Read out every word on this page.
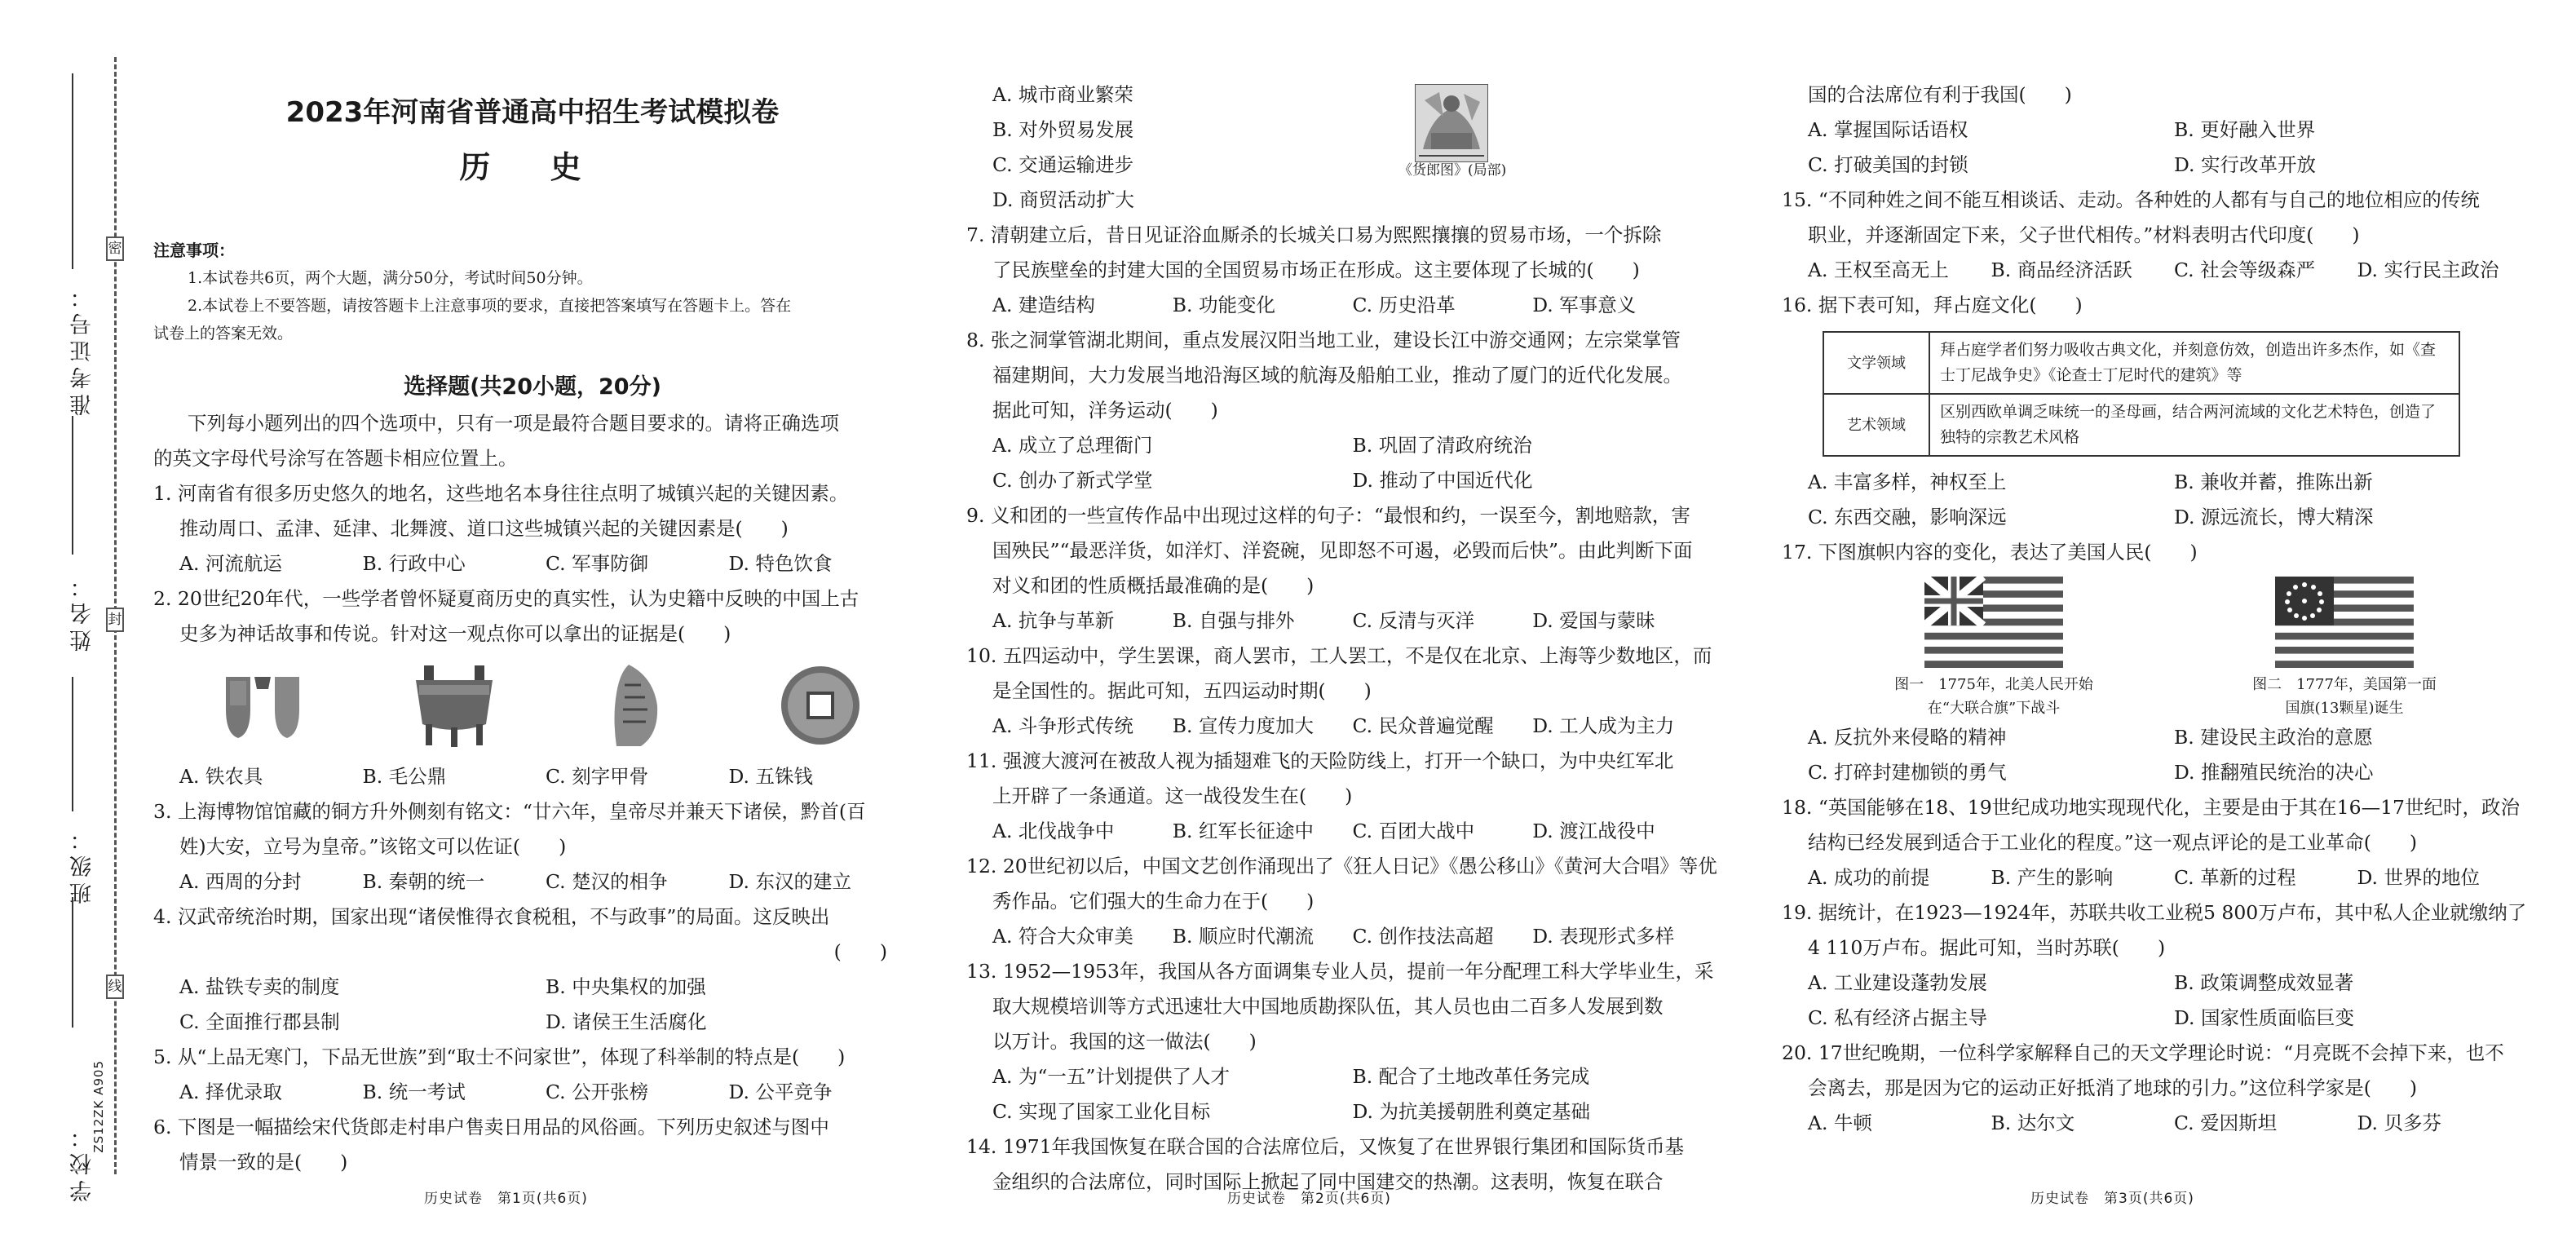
密
封
线
准考证号：
姓名：
班级：
学校：
ZS12ZK A905
2023年河南省普通高中招生考试模拟卷
历 史
注意事项：
1.本试卷共6页，两个大题，满分50分，考试时间50分钟。
2.本试卷上不要答题，请按答题卡上注意事项的要求，直接把答案填写在答题卡上。答在
试卷上的答案无效。
选择题(共20小题，20分)
下列每小题列出的四个选项中，只有一项是最符合题目要求的。请将正确选项
的英文字母代号涂写在答题卡相应位置上。
1. 河南省有很多历史悠久的地名，这些地名本身往往点明了城镇兴起的关键因素。
推动周口、孟津、延津、北舞渡、道口这些城镇兴起的关键因素是(　　)
A. 河流航运	B. 行政中心	C. 军事防御	D. 特色饮食
2. 20世纪20年代，一些学者曾怀疑夏商历史的真实性，认为史籍中反映的中国上古
史多为神话故事和传说。针对这一观点你可以拿出的证据是(　　)
A. 铁农具	B. 毛公鼎	C. 刻字甲骨	D. 五铢钱
3. 上海博物馆馆藏的铜方升外侧刻有铭文：“廿六年，皇帝尽并兼天下诸侯，黔首(百
姓)大安，立号为皇帝。”该铭文可以佐证(　　)
A. 西周的分封	B. 秦朝的统一	C. 楚汉的相争	D. 东汉的建立
4. 汉武帝统治时期，国家出现“诸侯惟得衣食税租，不与政事”的局面。这反映出
(　　)
A. 盐铁专卖的制度	B. 中央集权的加强
C. 全面推行郡县制	D. 诸侯王生活腐化
5. 从“上品无寒门，下品无世族”到“取士不问家世”，体现了科举制的特点是(　　)
A. 择优录取	B. 统一考试	C. 公开张榜	D. 公平竞争
6. 下图是一幅描绘宋代货郎走村串户售卖日用品的风俗画。下列历史叙述与图中
情景一致的是(　　)
历史试卷　第1页(共6页)
《货郎图》(局部)
A. 城市商业繁荣
B. 对外贸易发展
C. 交通运输进步
D. 商贸活动扩大
7. 清朝建立后，昔日见证浴血厮杀的长城关口易为熙熙攘攘的贸易市场，一个拆除
了民族壁垒的封建大国的全国贸易市场正在形成。这主要体现了长城的(　　)
A. 建造结构	B. 功能变化	C. 历史沿革	D. 军事意义
8. 张之洞掌管湖北期间，重点发展汉阳当地工业，建设长江中游交通网；左宗棠掌管
福建期间，大力发展当地沿海区域的航海及船舶工业，推动了厦门的近代化发展。
据此可知，洋务运动(　　)
A. 成立了总理衙门	B. 巩固了清政府统治
C. 创办了新式学堂	D. 推动了中国近代化
9. 义和团的一些宣传作品中出现过这样的句子：“最恨和约，一误至今，割地赔款，害
国殃民”“最恶洋货，如洋灯、洋瓷碗，见即怒不可遏，必毁而后快”。由此判断下面
对义和团的性质概括最准确的是(　　)
A. 抗争与革新	B. 自强与排外	C. 反清与灭洋	D. 爱国与蒙昧
10. 五四运动中，学生罢课，商人罢市，工人罢工，不是仅在北京、上海等少数地区，而
是全国性的。据此可知，五四运动时期(　　)
A. 斗争形式传统	B. 宣传力度加大	C. 民众普遍觉醒	D. 工人成为主力
11. 强渡大渡河在被敌人视为插翅难飞的天险防线上，打开一个缺口，为中央红军北
上开辟了一条通道。这一战役发生在(　　)
A. 北伐战争中	B. 红军长征途中	C. 百团大战中	D. 渡江战役中
12. 20世纪初以后，中国文艺创作涌现出了《狂人日记》《愚公移山》《黄河大合唱》等优
秀作品。它们强大的生命力在于(　　)
A. 符合大众审美	B. 顺应时代潮流	C. 创作技法高超	D. 表现形式多样
13. 1952—1953年，我国从各方面调集专业人员，提前一年分配理工科大学毕业生，采
取大规模培训等方式迅速壮大中国地质勘探队伍，其人员也由二百多人发展到数
以万计。我国的这一做法(　　)
A. 为“一五”计划提供了人才	B. 配合了土地改革任务完成
C. 实现了国家工业化目标	D. 为抗美援朝胜利奠定基础
14. 1971年我国恢复在联合国的合法席位后，又恢复了在世界银行集团和国际货币基
金组织的合法席位，同时国际上掀起了同中国建交的热潮。这表明，恢复在联合
历史试卷　第2页(共6页)
国的合法席位有利于我国(　　)
A. 掌握国际话语权	B. 更好融入世界
C. 打破美国的封锁	D. 实行改革开放
15. “不同种姓之间不能互相谈话、走动。各种姓的人都有与自己的地位相应的传统
职业，并逐渐固定下来，父子世代相传。”材料表明古代印度(　　)
A. 王权至高无上	B. 商品经济活跃	C. 社会等级森严	D. 实行民主政治
16. 据下表可知，拜占庭文化(　　)
文学领域	拜占庭学者们努力吸收古典文化，并刻意仿效，创造出许多杰作，如《查士丁尼战争史》《论查士丁尼时代的建筑》等
艺术领域	区别西欧单调乏味统一的圣母画，结合两河流域的文化艺术特色，创造了独特的宗教艺术风格
A. 丰富多样，神权至上	B. 兼收并蓄，推陈出新
C. 东西交融，影响深远	D. 源远流长，博大精深
17. 下图旗帜内容的变化，表达了美国人民(　　)
图一　1775年，北美人民开始
在“大联合旗”下战斗
图二　1777年，美国第一面
国旗(13颗星)诞生
A. 反抗外来侵略的精神	B. 建设民主政治的意愿
C. 打碎封建枷锁的勇气	D. 推翻殖民统治的决心
18. “英国能够在18、19世纪成功地实现现代化，主要是由于其在16—17世纪时，政治
结构已经发展到适合于工业化的程度。”这一观点评论的是工业革命(　　)
A. 成功的前提	B. 产生的影响	C. 革新的过程	D. 世界的地位
19. 据统计，在1923—1924年，苏联共收工业税5 800万卢布，其中私人企业就缴纳了
4 110万卢布。据此可知，当时苏联(　　)
A. 工业建设蓬勃发展	B. 政策调整成效显著
C. 私有经济占据主导	D. 国家性质面临巨变
20. 17世纪晚期，一位科学家解释自己的天文学理论时说：“月亮既不会掉下来，也不
会离去，那是因为它的运动正好抵消了地球的引力。”这位科学家是(　　)
A. 牛顿	B. 达尔文	C. 爱因斯坦	D. 贝多芬
历史试卷　第3页(共6页)
